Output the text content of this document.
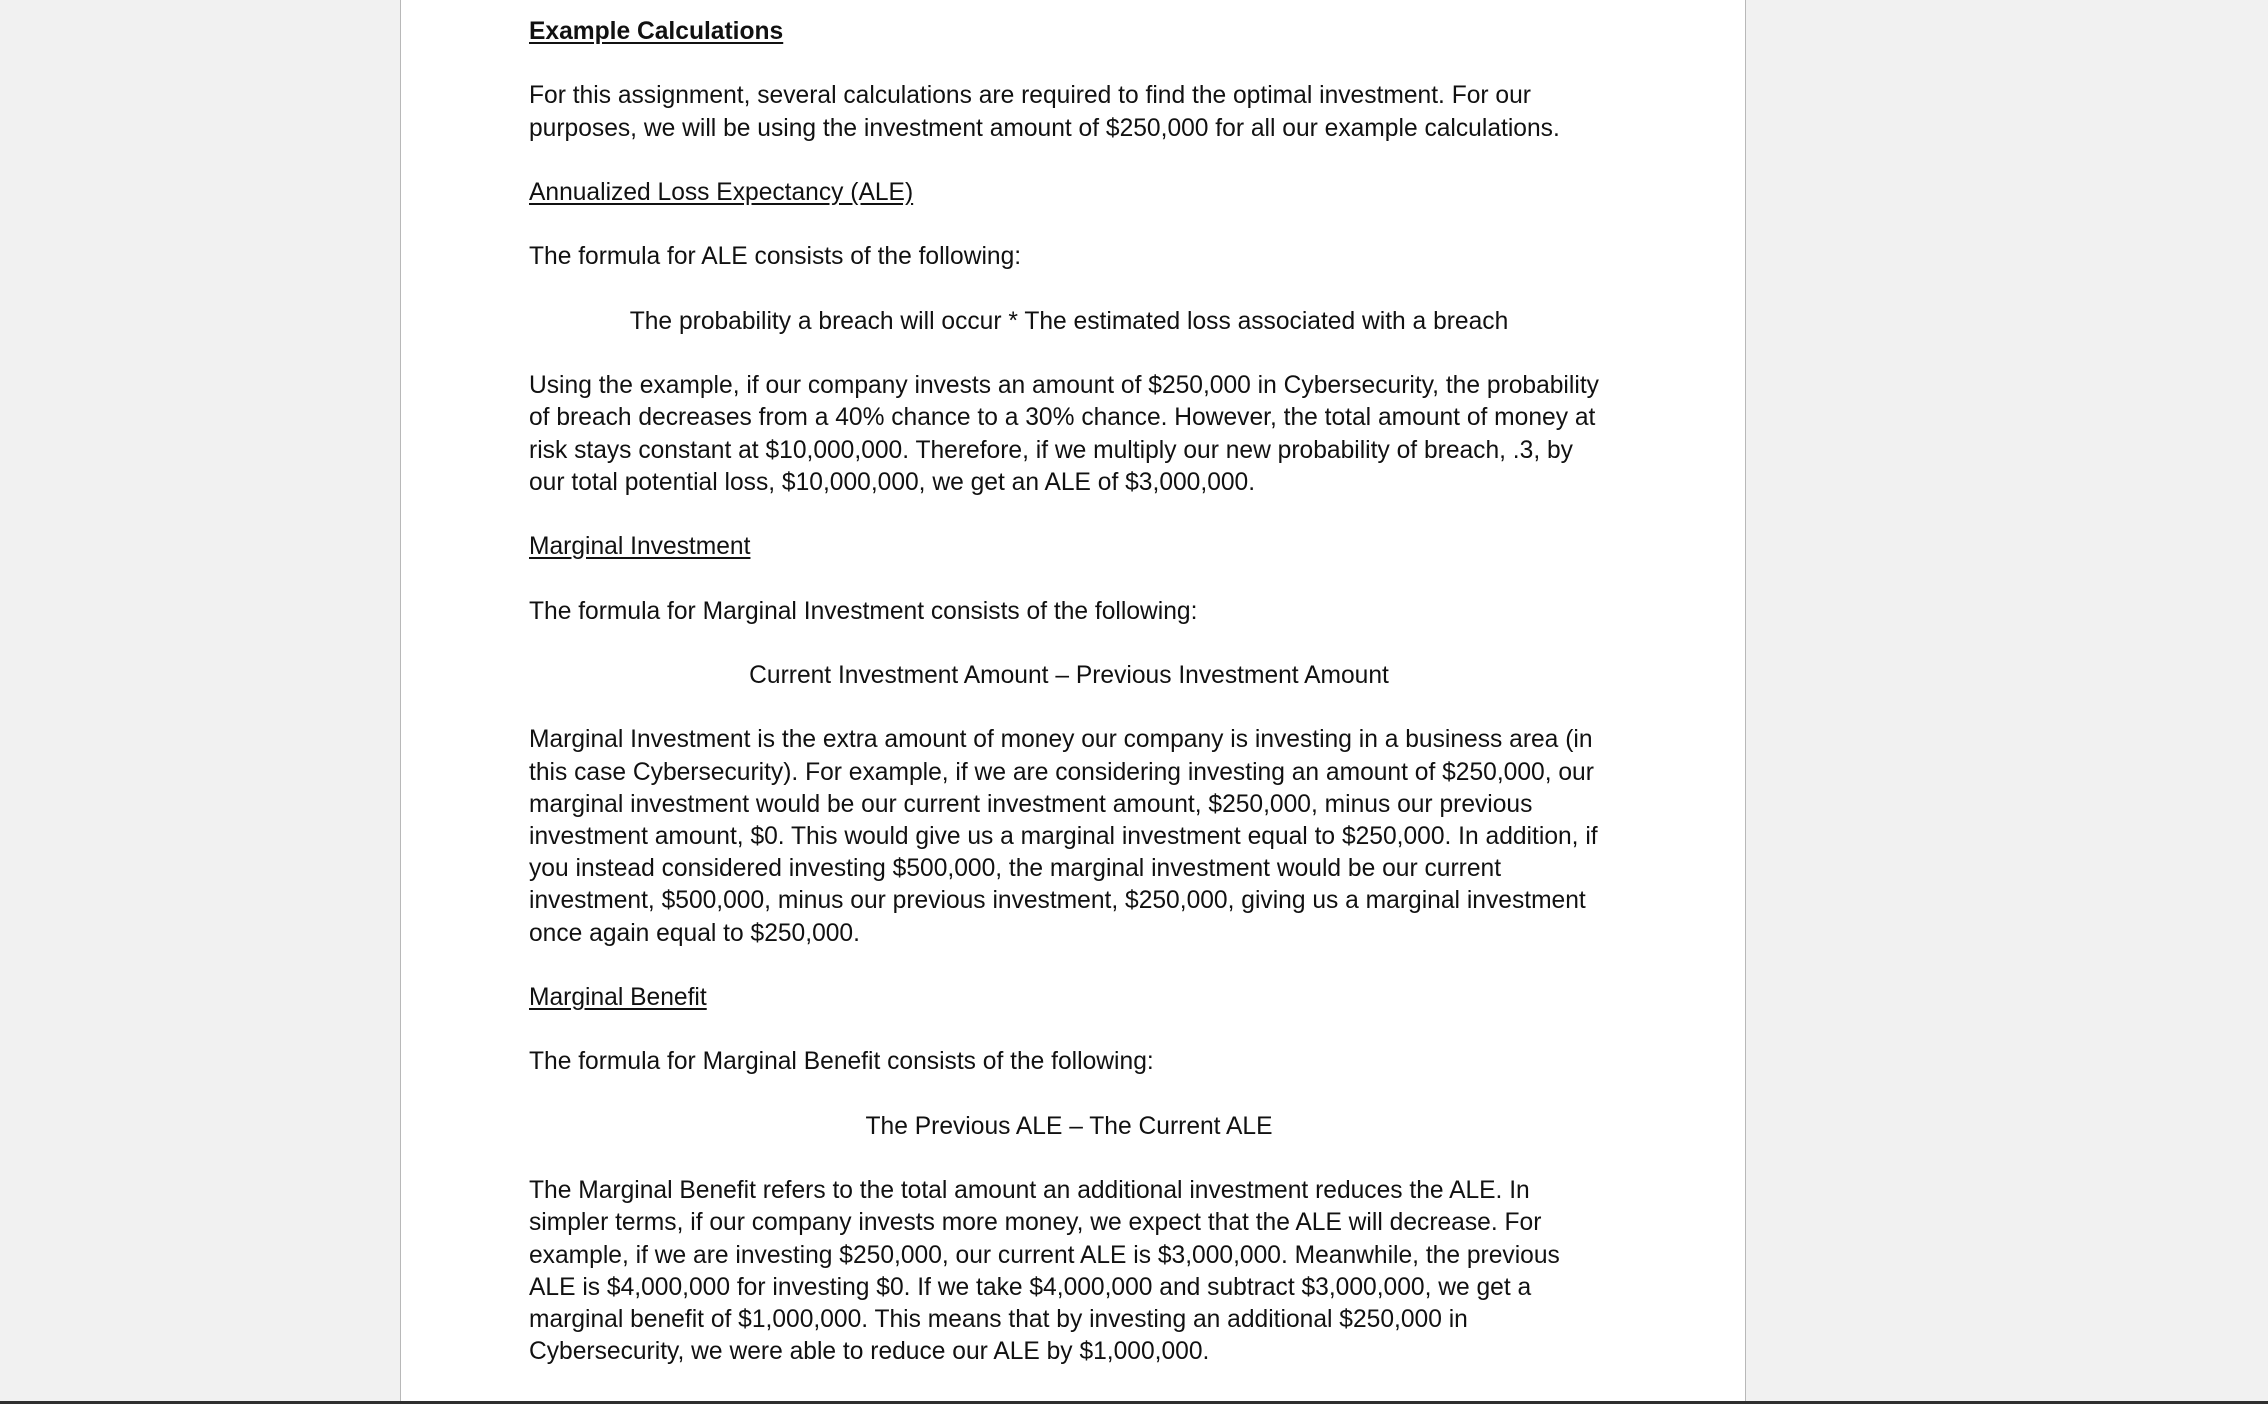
Example Calculations

For this assignment, several calculations are required to find the optimal investment. For our purposes, we will be using the investment amount of $250,000 for all our example calculations.

Annualized Loss Expectancy (ALE)

The formula for ALE consists of the following:

The probability a breach will occur * The estimated loss associated with a breach

Using the example, if our company invests an amount of $250,000 in Cybersecurity, the probability of breach decreases from a 40% chance to a 30% chance. However, the total amount of money at risk stays constant at $10,000,000. Therefore, if we multiply our new probability of breach, .3, by our total potential loss, $10,000,000, we get an ALE of $3,000,000.

Marginal Investment

The formula for Marginal Investment consists of the following:

Current Investment Amount – Previous Investment Amount

Marginal Investment is the extra amount of money our company is investing in a business area (in this case Cybersecurity). For example, if we are considering investing an amount of $250,000, our marginal investment would be our current investment amount, $250,000, minus our previous investment amount, $0. This would give us a marginal investment equal to $250,000. In addition, if you instead considered investing $500,000, the marginal investment would be our current investment, $500,000, minus our previous investment, $250,000, giving us a marginal investment once again equal to $250,000.

Marginal Benefit

The formula for Marginal Benefit consists of the following:

The Previous ALE – The Current ALE

The Marginal Benefit refers to the total amount an additional investment reduces the ALE. In simpler terms, if our company invests more money, we expect that the ALE will decrease. For example, if we are investing $250,000, our current ALE is $3,000,000. Meanwhile, the previous ALE is $4,000,000 for investing $0. If we take $4,000,000 and subtract $3,000,000, we get a marginal benefit of $1,000,000. This means that by investing an additional $250,000 in Cybersecurity, we were able to reduce our ALE by $1,000,000.
